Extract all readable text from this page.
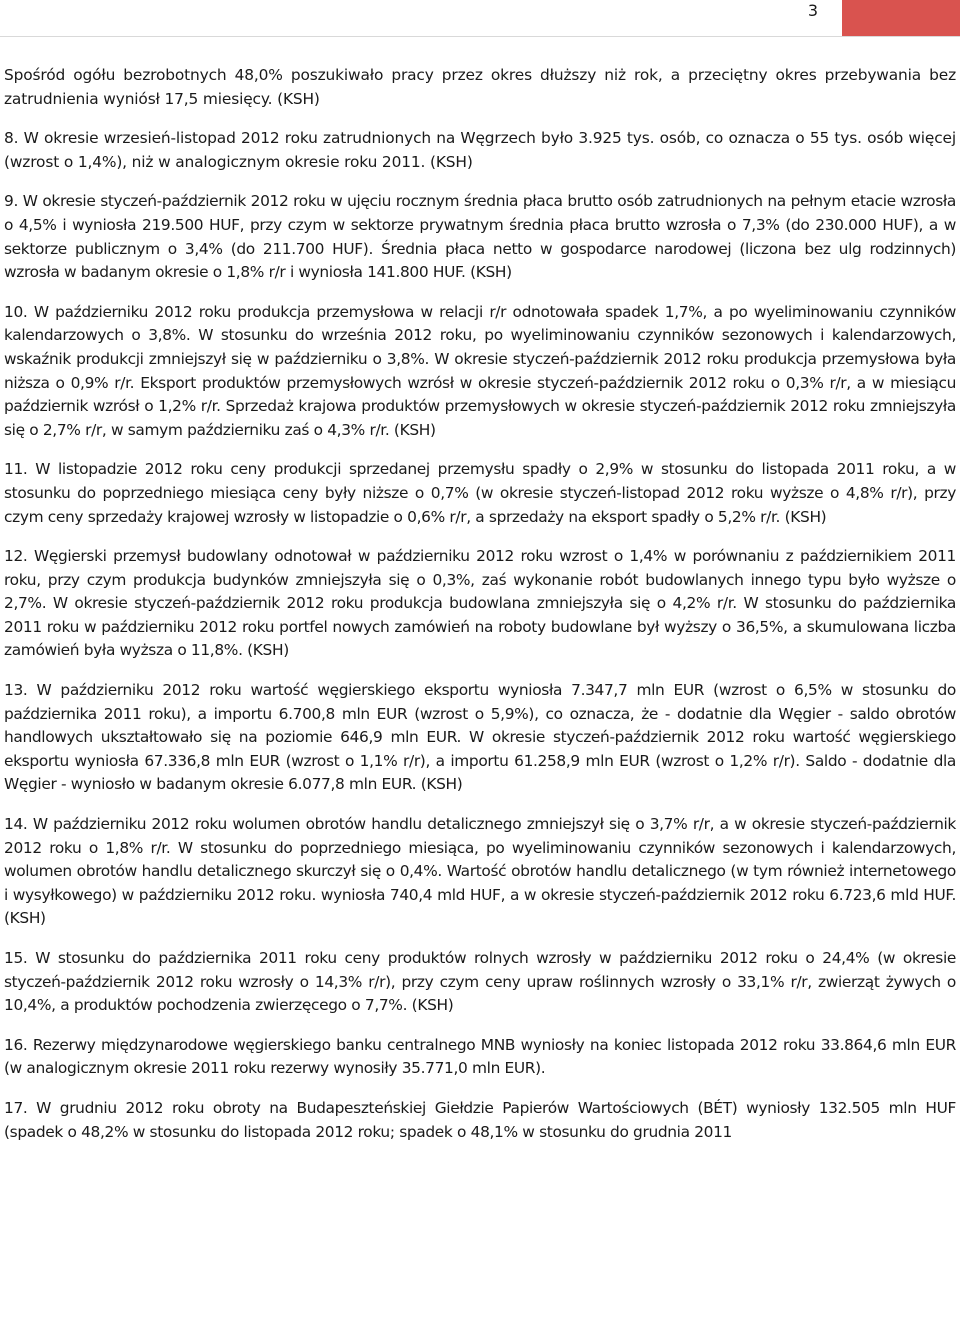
3

Spośród ogółu bezrobotnych 48,0% poszukiwało pracy przez okres dłuższy niż rok, a przeciętny okres przebywania bez zatrudnienia wyniósł 17,5 miesięcy. (KSH)

8. W okresie wrzesień-listopad 2012 roku zatrudnionych na Węgrzech było 3.925 tys. osób, co oznacza o 55 tys. osób więcej (wzrost o 1,4%), niż w analogicznym okresie roku 2011. (KSH)

9. W okresie styczeń-październik 2012 roku w ujęciu rocznym średnia płaca brutto osób zatrudnionych na pełnym etacie wzrosła o 4,5% i wyniosła 219.500 HUF, przy czym w sektorze prywatnym średnia płaca brutto wzrosła o 7,3% (do 230.000 HUF), a w sektorze publicznym o 3,4% (do 211.700 HUF). Średnia płaca netto w gospodarce narodowej (liczona bez ulg rodzinnych) wzrosła w badanym okresie o 1,8% r/r i wyniosła 141.800 HUF. (KSH)

10. W październiku 2012 roku produkcja przemysłowa w relacji r/r odnotowała spadek 1,7%, a po wyeliminowaniu czynników kalendarzowych o 3,8%. W stosunku do września 2012 roku, po wyeliminowaniu czynników sezonowych i kalendarzowych, wskaźnik produkcji zmniejszył się w październiku o 3,8%. W okresie styczeń-październik 2012 roku produkcja przemysłowa była niższa o 0,9% r/r. Eksport produktów przemysłowych wzrósł w okresie styczeń-październik 2012 roku o 0,3% r/r, a w miesiącu październik wzrósł o 1,2% r/r. Sprzedaż krajowa produktów przemysłowych w okresie styczeń-październik 2012 roku zmniejszyła się o 2,7% r/r, w samym październiku zaś o 4,3% r/r. (KSH)

11. W listopadzie 2012 roku ceny produkcji sprzedanej przemysłu spadły o 2,9% w stosunku do listopada 2011 roku, a w stosunku do poprzedniego miesiąca ceny były niższe o 0,7% (w okresie styczeń-listopad 2012 roku wyższe o 4,8% r/r), przy czym ceny sprzedaży krajowej wzrosły w listopadzie o 0,6% r/r, a sprzedaży na eksport spadły o 5,2% r/r. (KSH)

12. Węgierski przemysł budowlany odnotował w październiku 2012 roku wzrost o 1,4% w porównaniu z październikiem 2011 roku, przy czym produkcja budynków zmniejszyła się o 0,3%, zaś wykonanie robót budowlanych innego typu było wyższe o 2,7%. W okresie styczeń-październik 2012 roku produkcja budowlana zmniejszyła się o 4,2% r/r. W stosunku do października 2011 roku w październiku 2012 roku portfel nowych zamówień na roboty budowlane był wyższy o 36,5%, a skumulowana liczba zamówień była wyższa o 11,8%. (KSH)

13. W październiku 2012 roku wartość węgierskiego eksportu wyniosła 7.347,7 mln EUR (wzrost o 6,5% w stosunku do października 2011 roku), a importu 6.700,8 mln EUR (wzrost o 5,9%), co oznacza, że - dodatnie dla Węgier - saldo obrotów handlowych ukształtowało się na poziomie 646,9 mln EUR. W okresie styczeń-październik 2012 roku wartość węgierskiego eksportu wyniosła 67.336,8 mln EUR (wzrost o 1,1% r/r), a importu 61.258,9 mln EUR (wzrost o 1,2% r/r). Saldo - dodatnie dla Węgier - wyniosło w badanym okresie 6.077,8 mln EUR. (KSH)

14. W październiku 2012 roku wolumen obrotów handlu detalicznego zmniejszył się o 3,7% r/r, a w okresie styczeń-październik 2012 roku o 1,8% r/r. W stosunku do poprzedniego miesiąca, po wyeliminowaniu czynników sezonowych i kalendarzowych, wolumen obrotów handlu detalicznego skurczył się o 0,4%. Wartość obrotów handlu detalicznego (w tym również internetowego i wysyłkowego) w październiku 2012 roku. wyniosła 740,4 mld HUF, a w okresie styczeń-październik 2012 roku 6.723,6 mld HUF. (KSH)

15. W stosunku do października 2011 roku ceny produktów rolnych wzrosły w październiku 2012 roku o 24,4% (w okresie styczeń-październik 2012 roku wzrosły o 14,3% r/r), przy czym ceny upraw roślinnych wzrosły o 33,1% r/r, zwierząt żywych o 10,4%, a produktów pochodzenia zwierzęcego o 7,7%. (KSH)

16. Rezerwy międzynarodowe węgierskiego banku centralnego MNB wyniosły na koniec listopada 2012 roku 33.864,6 mln EUR (w analogicznym okresie 2011 roku rezerwy wynosiły 35.771,0 mln EUR).

17. W grudniu 2012 roku obroty na Budapeszteńskiej Giełdzie Papierów Wartościowych (BÉT) wyniosły 132.505 mln HUF (spadek o 48,2% w stosunku do listopada 2012 roku; spadek o 48,1% w stosunku do grudnia 2011
